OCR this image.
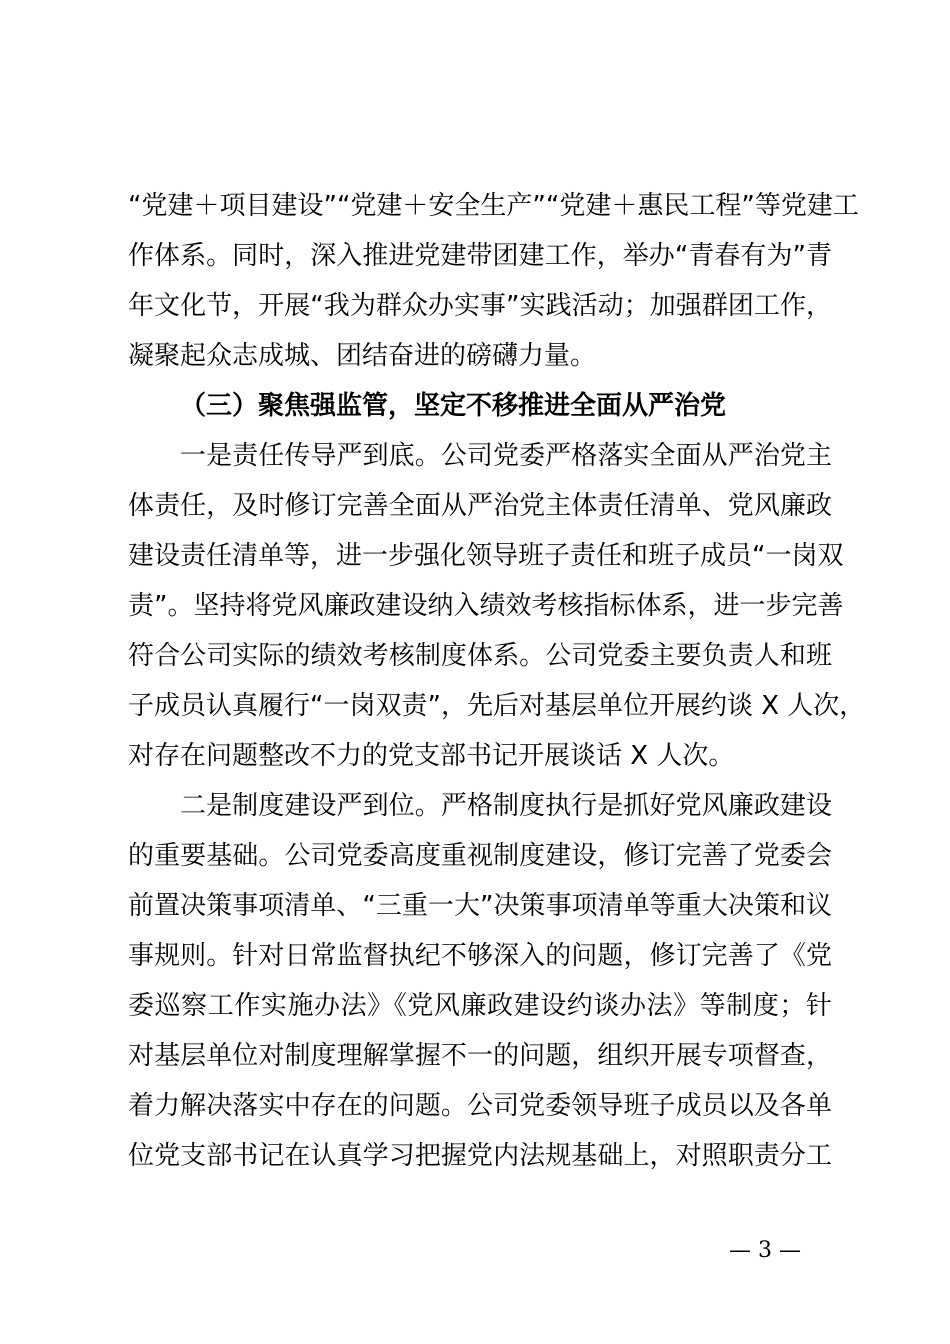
“党建＋项目建设”“党建＋安全生产”“党建＋惠民工程”等党建工
作体系。同时，深入推进党建带团建工作，举办“青春有为”青
年文化节，开展“我为群众办实事”实践活动；加强群团工作，
凝聚起众志成城、团结奋进的磅礴力量。
（三）聚焦强监管，坚定不移推进全面从严治党
一是责任传导严到底。公司党委严格落实全面从严治党主
体责任，及时修订完善全面从严治党主体责任清单、党风廉政
建设责任清单等，进一步强化领导班子责任和班子成员“一岗双
责”。坚持将党风廉政建设纳入绩效考核指标体系，进一步完善
符合公司实际的绩效考核制度体系。公司党委主要负责人和班
子成员认真履行“一岗双责”，先后对基层单位开展约谈 X 人次，
对存在问题整改不力的党支部书记开展谈话 X 人次。
二是制度建设严到位。严格制度执行是抓好党风廉政建设
的重要基础。公司党委高度重视制度建设，修订完善了党委会
前置决策事项清单、“三重一大”决策事项清单等重大决策和议
事规则。针对日常监督执纪不够深入的问题，修订完善了《党
委巡察工作实施办法》《党风廉政建设约谈办法》等制度；针
对基层单位对制度理解掌握不一的问题，组织开展专项督查，
着力解决落实中存在的问题。公司党委领导班子成员以及各单
位党支部书记在认真学习把握党内法规基础上，对照职责分工
— 3 —
